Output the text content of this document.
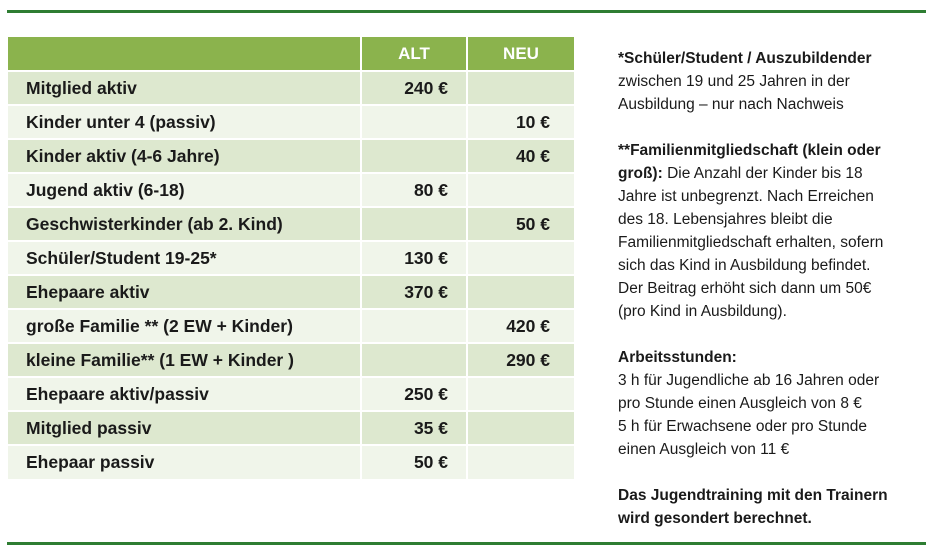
	ALT	NEU
Mitglied aktiv	240 €	
Kinder unter 4 (passiv)		10 €
Kinder aktiv (4-6 Jahre)		40 €
Jugend aktiv (6-18)	80 €	
Geschwisterkinder (ab 2. Kind)		50 €
Schüler/Student 19-25*	130 €	
Ehepaare aktiv	370 €	
große Familie ** (2 EW + Kinder)		420 €
kleine Familie** (1 EW + Kinder )		290 €
Ehepaare aktiv/passiv	250 €	
Mitglied passiv	35 €	
Ehepaar passiv	50 €	

*Schüler/Student / Auszubildender
zwischen 19 und 25 Jahren in der
Ausbildung – nur nach Nachweis

**Familienmitgliedschaft (klein oder
groß): Die Anzahl der Kinder bis 18
Jahre ist unbegrenzt. Nach Erreichen
des 18. Lebensjahres bleibt die
Familienmitgliedschaft erhalten, sofern
sich das Kind in Ausbildung befindet.
Der Beitrag erhöht sich dann um 50€
(pro Kind in Ausbildung).

Arbeitsstunden:
3 h für Jugendliche ab 16 Jahren oder
pro Stunde einen Ausgleich von 8 €
5 h für Erwachsene oder pro Stunde
einen Ausgleich von 11 €

Das Jugendtraining mit den Trainern
wird gesondert berechnet.
